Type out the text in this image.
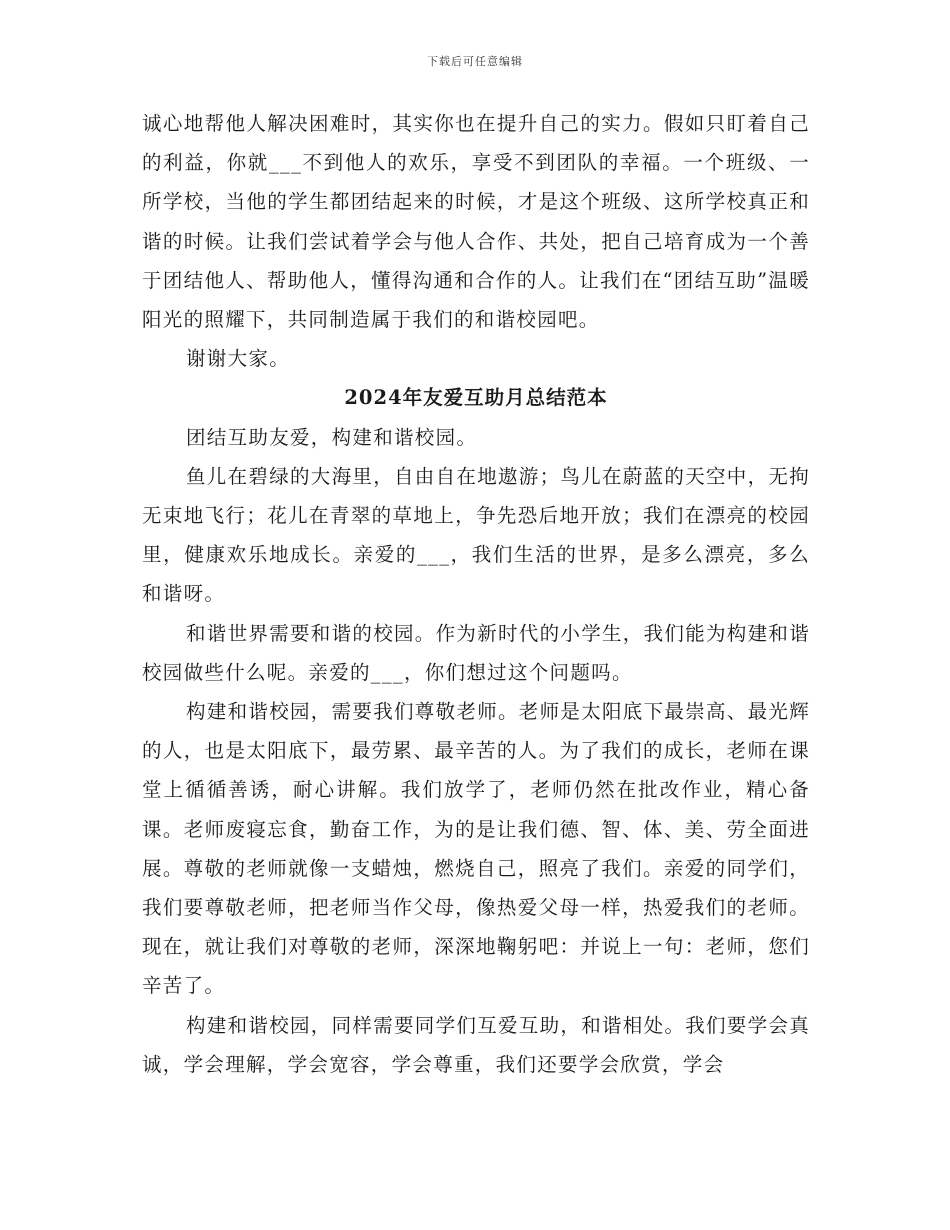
下载后可任意编辑

诚心地帮他人解决困难时，其实你也在提升自己的实力。假如只盯着自己的利益，你就___不到他人的欢乐，享受不到团队的幸福。一个班级、一所学校，当他的学生都团结起来的时候，才是这个班级、这所学校真正和谐的时候。让我们尝试着学会与他人合作、共处，把自己培育成为一个善于团结他人、帮助他人，懂得沟通和合作的人。让我们在“团结互助”温暖阳光的照耀下，共同制造属于我们的和谐校园吧。

谢谢大家。

2024年友爱互助月总结范本

团结互助友爱，构建和谐校园。

鱼儿在碧绿的大海里，自由自在地遨游；鸟儿在蔚蓝的天空中，无拘无束地飞行；花儿在青翠的草地上，争先恐后地开放；我们在漂亮的校园里，健康欢乐地成长。亲爱的___，我们生活的世界，是多么漂亮，多么和谐呀。

和谐世界需要和谐的校园。作为新时代的小学生，我们能为构建和谐校园做些什么呢。亲爱的___，你们想过这个问题吗。

构建和谐校园，需要我们尊敬老师。老师是太阳底下最崇高、最光辉的人，也是太阳底下，最劳累、最辛苦的人。为了我们的成长，老师在课堂上循循善诱，耐心讲解。我们放学了，老师仍然在批改作业，精心备课。老师废寝忘食，勤奋工作，为的是让我们德、智、体、美、劳全面进展。尊敬的老师就像一支蜡烛，燃烧自己，照亮了我们。亲爱的同学们，我们要尊敬老师，把老师当作父母，像热爱父母一样，热爱我们的老师。现在，就让我们对尊敬的老师，深深地鞠躬吧：并说上一句：老师，您们辛苦了。

构建和谐校园，同样需要同学们互爱互助，和谐相处。我们要学会真诚，学会理解，学会宽容，学会尊重，我们还要学会欣赏，学会
